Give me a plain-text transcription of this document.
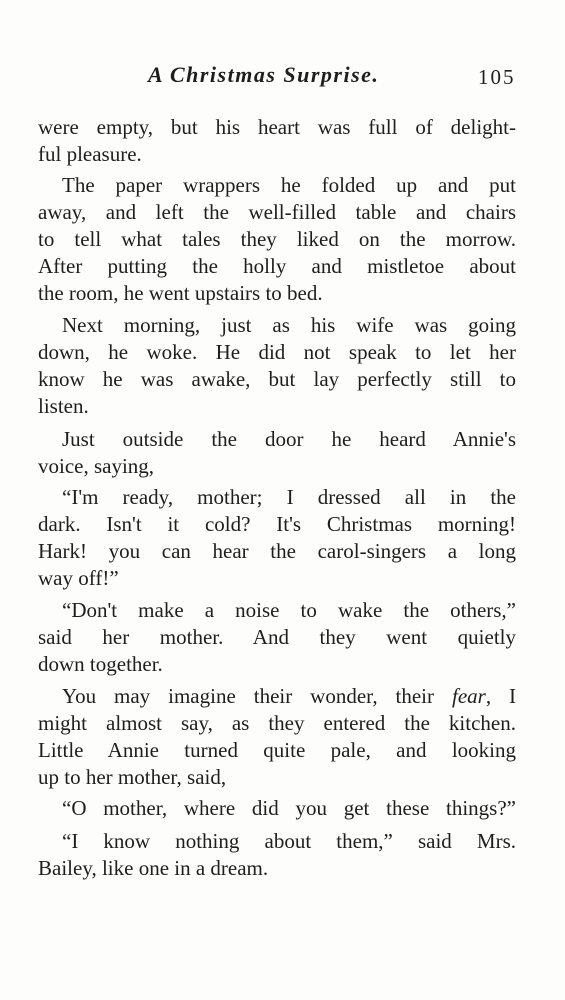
A Christmas Surprise.	105

were empty, but his heart was full of delight-

ful pleasure.

The paper wrappers he folded up and put

away, and left the well-filled table and chairs

to tell what tales they liked on the morrow.

After putting the holly and mistletoe about

the room, he went upstairs to bed.

Next morning, just as his wife was going

down, he woke. He did not speak to let her

know he was awake, but lay perfectly still to

listen.

Just outside the door he heard Annie's

voice, saying,

“I'm ready, mother; I dressed all in the

dark. Isn't it cold? It's Christmas morning!

Hark! you can hear the carol-singers a long

way off!”

“Don't make a noise to wake the others,”

said her mother. And they went quietly

down together.

You may imagine their wonder, their fear, I

might almost say, as they entered the kitchen.

Little Annie turned quite pale, and looking

up to her mother, said,

“O mother, where did you get these things?”

“I know nothing about them,” said Mrs.

Bailey, like one in a dream.
